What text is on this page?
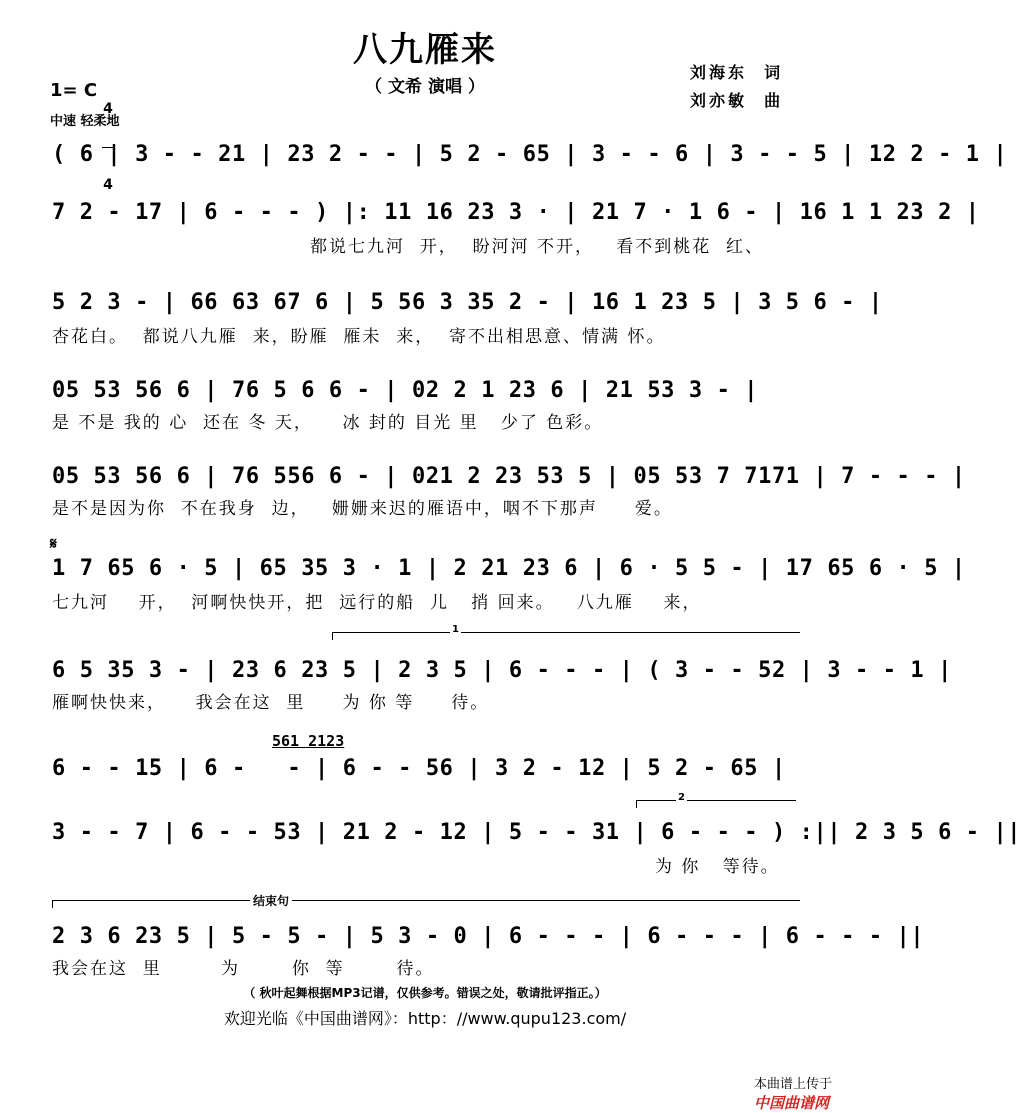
八九雁来
（ 文希 演唱 ）
刘海东  词
刘亦敏  曲
1= C

4

4

中速 轻柔地
( 6 | 3 - - 21 | 23 2 - - | 5 2 - 65 | 3 - - 6 | 3 - - 5 | 12 2 - 1 |
7 2 - 17 | 6 - - - ) |: 11 16 23 3 · | 21 7 · 1 6 - | 16 1 1 23 2 |
都说七九河  开，  盼河河 不开，   看不到桃花  红、
5 2 3 - | 66 63 67 6 | 5 56 3 35 2 - | 16 1 23 5 | 3 5 6 - |
杏花白。  都说八九雁  来，盼雁  雁未  来，  寄不出相思意、情满 怀。
05 53 56 6 | 76 5 6 6 - | 02 2 1 23 6 | 21 53 3 - |
是 不是 我的 心  还在 冬 天，    冰 封的 目光 里   少了 色彩。
05 53 56 6 | 76 556 6 - | 021 2 23 53 5 | 05 53 7 7171 | 7 - - - |
是不是因为你  不在我身  边，   姗姗来迟的雁语中，咽不下那声     爱。
𝄋
1 7 65 6 · 5 | 65 35 3 · 1 | 2 21 23 6 | 6 · 5 5 - | 17 65 6 · 5 |
七九河    开，  河啊快快开，把  远行的船  儿   捎 回来。   八九雁    来，
1
6 5 35 3 - | 23 6 23 5 | 2 3 5 | 6 - - - | ( 3 - - 52 | 3 - - 1 |
雁啊快快来，    我会在这  里     为 你 等     待。
561 2123
6 - - 15 | 6 -   - | 6 - - 56 | 3 2 - 12 | 5 2 - 65 |
2
3 - - 7 | 6 - - 53 | 21 2 - 12 | 5 - - 31 | 6 - - - ) :|| 2 3 5 6 - ||
为 你   等待。
结束句
2 3 6 23 5 | 5 - 5 - | 5 3 - 0 | 6 - - - | 6 - - - | 6 - - - ||
我会在这  里        为       你  等       待。
（ 秋叶起舞根据MP3记谱，仅供参考。错误之处，敬请批评指正。）
欢迎光临《中国曲谱网》：http：//www.qupu123.com/

本曲谱上传于
中国曲谱网
